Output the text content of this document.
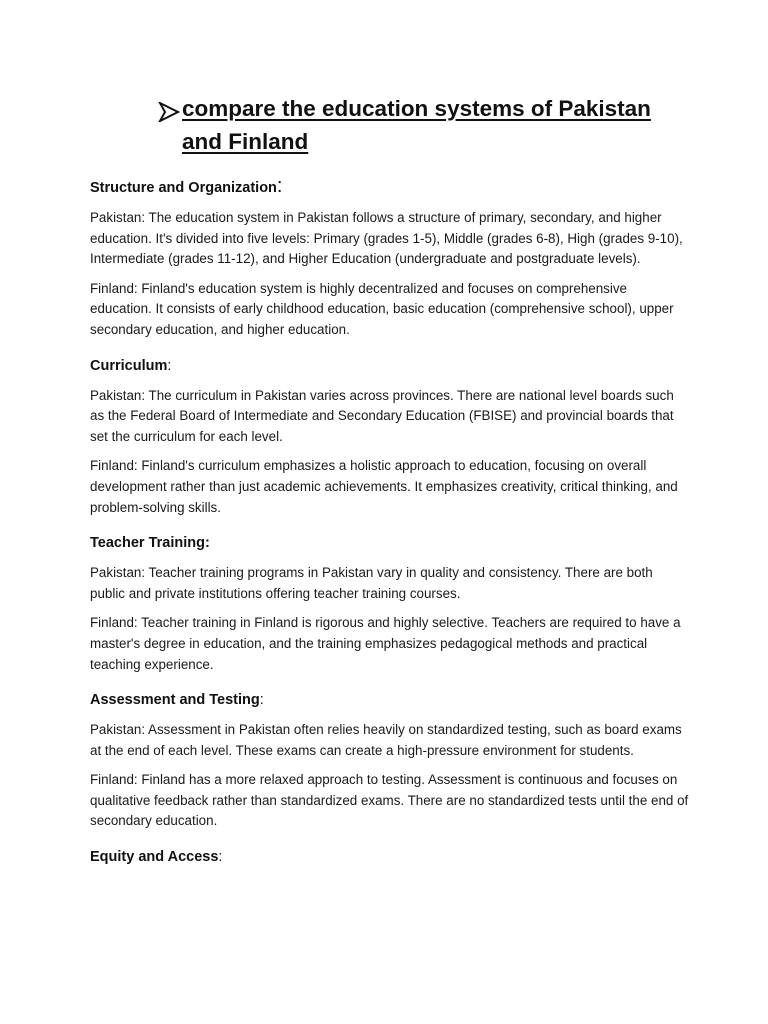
compare the education systems of Pakistan
and Finland
Structure and Organization:

Pakistan: The education system in Pakistan follows a structure of primary, secondary, and higher education. It's divided into five levels: Primary (grades 1-5), Middle (grades 6-8), High (grades 9-10), Intermediate (grades 11-12), and Higher Education (undergraduate and postgraduate levels).

Finland: Finland's education system is highly decentralized and focuses on comprehensive education. It consists of early childhood education, basic education (comprehensive school), upper secondary education, and higher education.

Curriculum:

Pakistan: The curriculum in Pakistan varies across provinces. There are national level boards such as the Federal Board of Intermediate and Secondary Education (FBISE) and provincial boards that set the curriculum for each level.

Finland: Finland's curriculum emphasizes a holistic approach to education, focusing on overall development rather than just academic achievements. It emphasizes creativity, critical thinking, and problem-solving skills.

Teacher Training:

Pakistan: Teacher training programs in Pakistan vary in quality and consistency. There are both public and private institutions offering teacher training courses.

Finland: Teacher training in Finland is rigorous and highly selective. Teachers are required to have a master's degree in education, and the training emphasizes pedagogical methods and practical teaching experience.

Assessment and Testing:

Pakistan: Assessment in Pakistan often relies heavily on standardized testing, such as board exams at the end of each level. These exams can create a high-pressure environment for students.

Finland: Finland has a more relaxed approach to testing. Assessment is continuous and focuses on qualitative feedback rather than standardized exams. There are no standardized tests until the end of secondary education.

Equity and Access:
